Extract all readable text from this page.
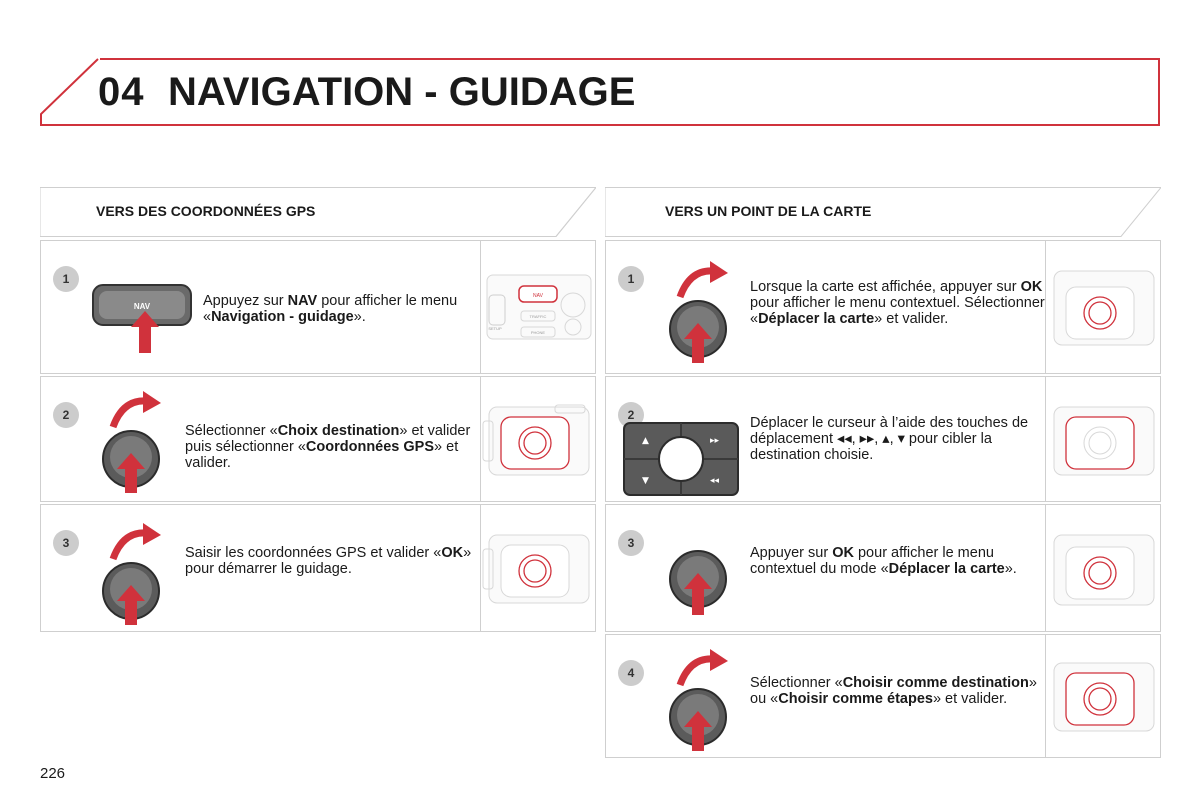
04 NAVIGATION - GUIDAGE
VERS DES COORDONNÉES GPS	VERS UN POINT DE LA CARTE
1
NAV	Appuyez sur NAV pour afficher le menu «Navigation - guidage».
NAV
TRAFFIC
PHONE
SETUP
2
Sélectionner «Choix destination» et valider puis sélectionner «Coordonnées GPS» et valider.
3
Saisir les coordonnées GPS et valider «OK» pour démarrer le guidage.
1	Lorsque la carte est affichée, appuyer sur OK pour afficher le menu contextuel. Sélectionner «Déplacer la carte» et valider.
2
▲
▼
▸▸
◂◂
Déplacer le curseur à l’aide des touches de déplacement ◂◂, ▸▸, ▴, ▾ pour cibler la destination choisie.
3
Appuyer sur OK pour afficher le menu contextuel du mode «Déplacer la carte».
4
Sélectionner «Choisir comme destination» ou «Choisir comme étapes» et valider.
226
